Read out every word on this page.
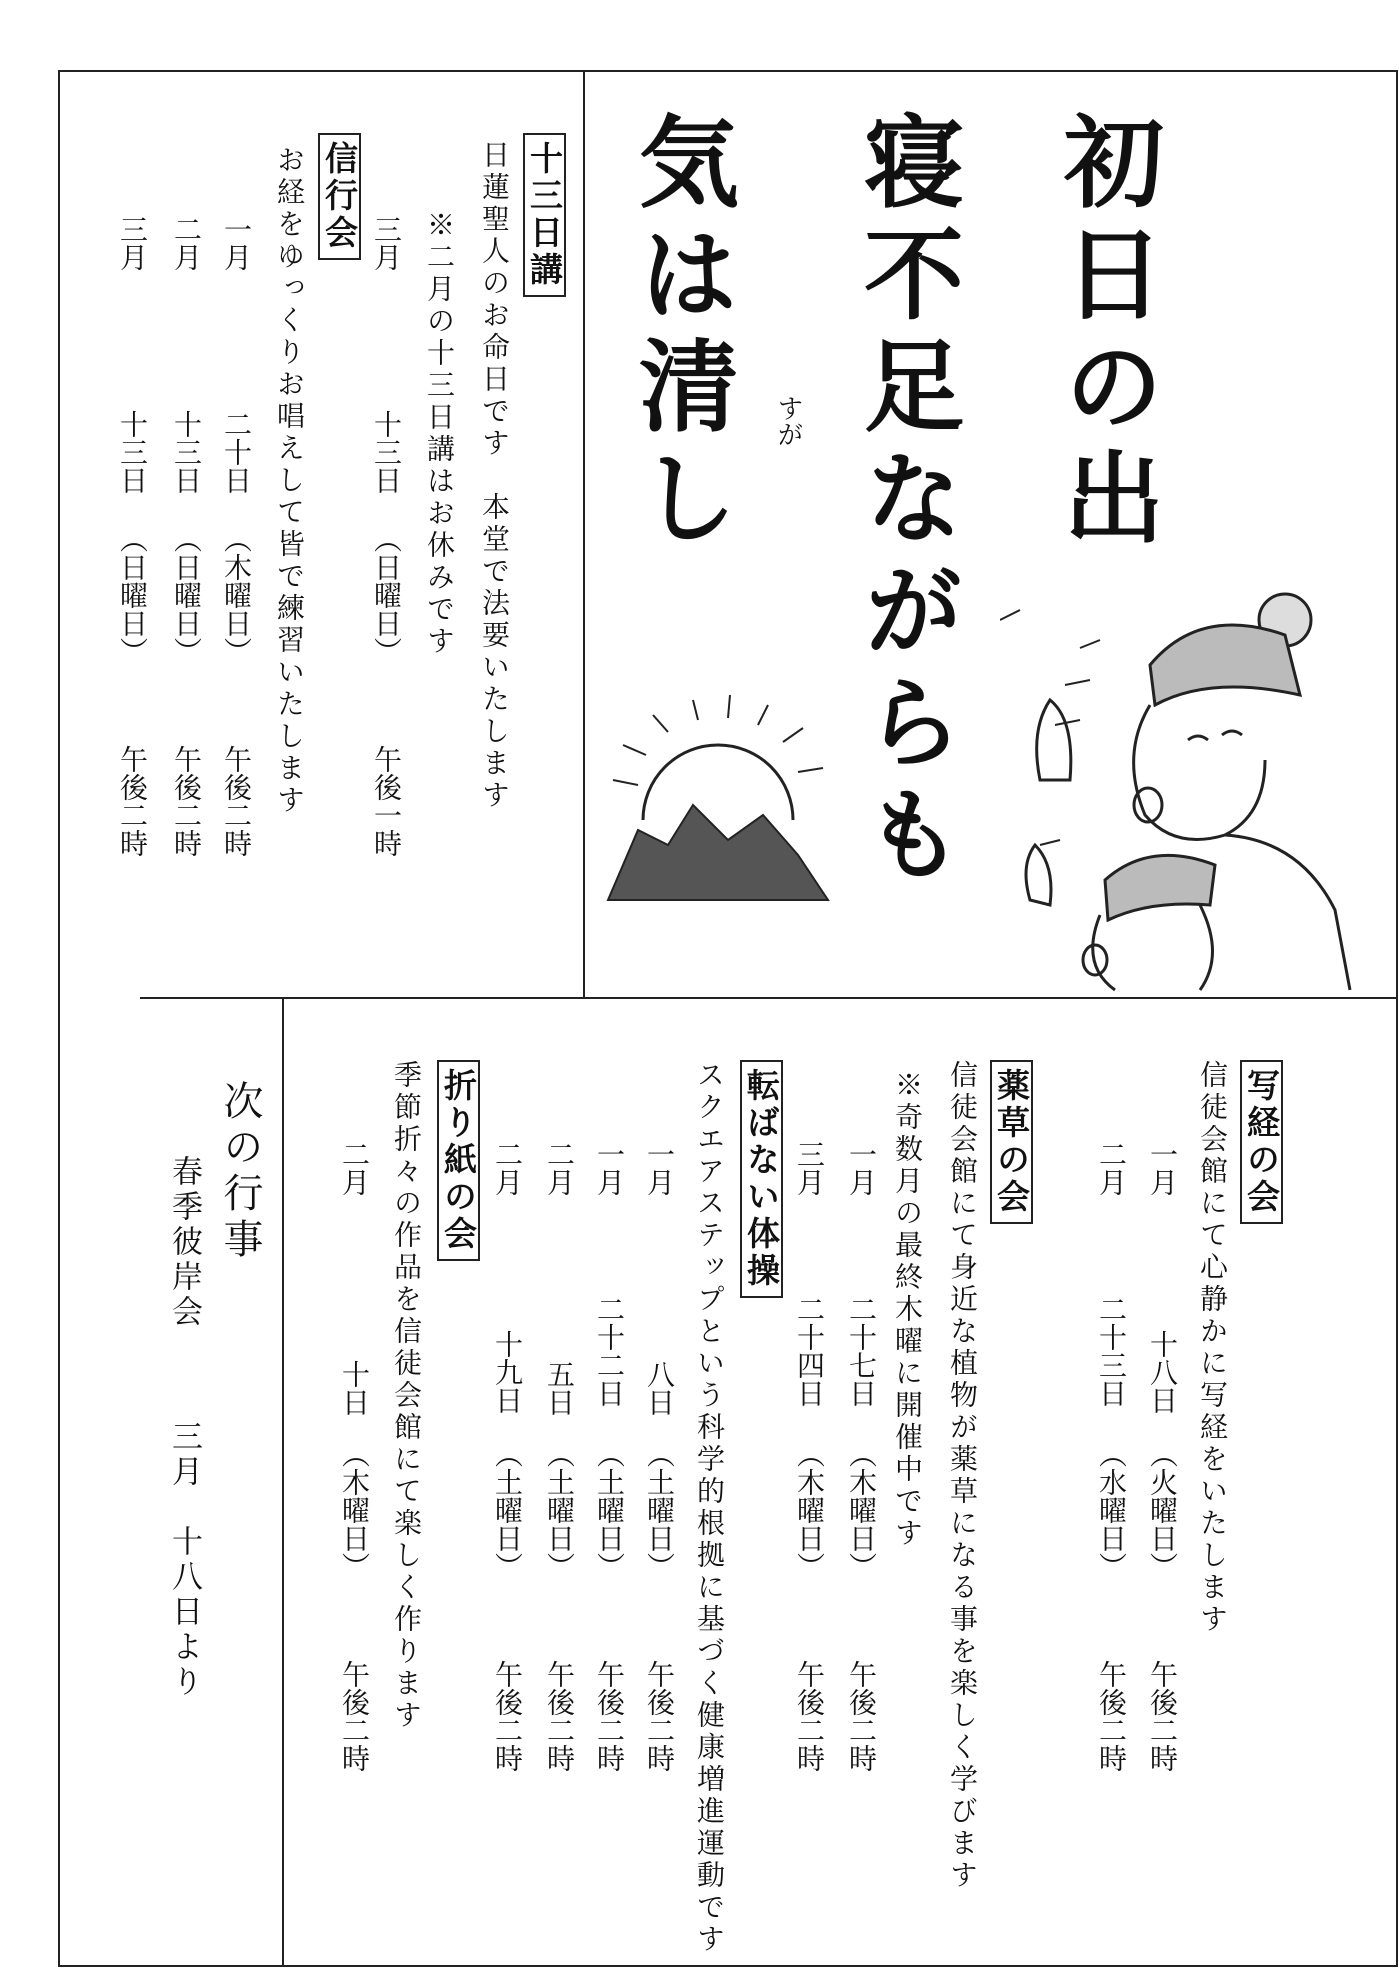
初日の出
寝不足ながらも
気は清し すが
十三日講
日蓮聖人のお命日です　本堂で法要いたします
※二月の十三日講はお休みです
三月
十三日
（日曜日）
午後一時
信行会
お経をゆっくりお唱えして皆で練習いたします
一月
二十日
（木曜日）
午後二時
二月
十三日
（日曜日）
午後二時
三月
十三日
（日曜日）
午後二時
写経の会
信徒会館にて心静かに写経をいたします
一月
十八日
（火曜日）
午後二時
二月
二十三日
（水曜日）
午後二時
薬草の会
信徒会館にて身近な植物が薬草になる事を楽しく学びます
※奇数月の最終木曜に開催中です
一月
二十七日
（木曜日）
午後二時
三月
二十四日
（木曜日）
午後二時
転ばない体操
スクエアステップという科学的根拠に基づく健康増進運動です
一月
八日
（土曜日）
午後二時
一月
二十二日
（土曜日）
午後二時
二月
五日
（土曜日）
午後二時
二月
十九日
（土曜日）
午後二時
折り紙の会
季節折々の作品を信徒会館にて楽しく作ります
二月
十日
（木曜日）
午後二時
次の行事
春季彼岸会
三月　十八日より
